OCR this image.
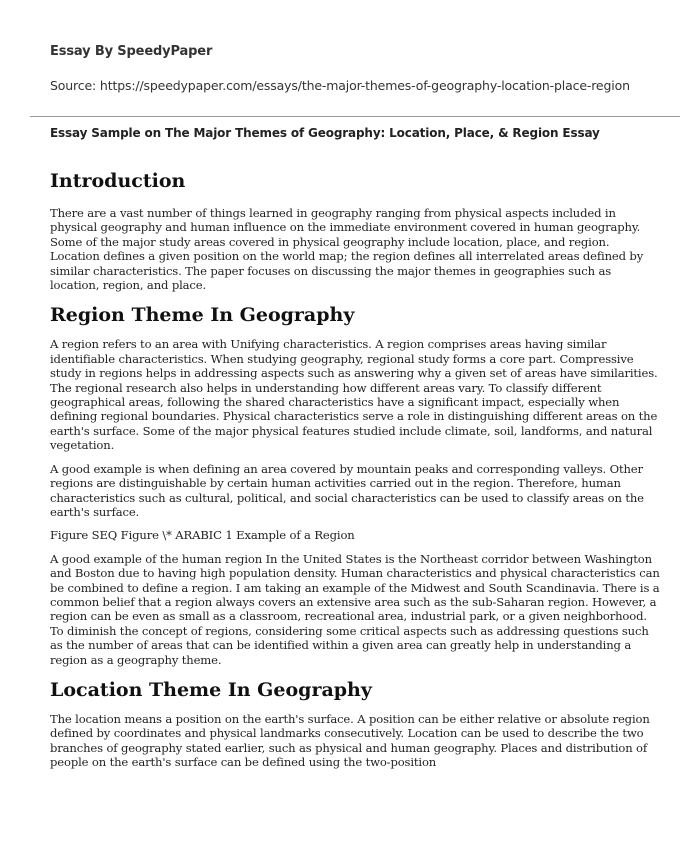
Essay By SpeedyPaper

Source: https://speedypaper.com/essays/the-major-themes-of-geography-location-place-region

Essay Sample on The Major Themes of Geography: Location, Place, & Region Essay

Introduction

There are a vast number of things learned in geography ranging from physical aspects included in physical geography and human influence on the immediate environment covered in human geography. Some of the major study areas covered in physical geography include location, place, and region. Location defines a given position on the world map; the region defines all interrelated areas defined by similar characteristics. The paper focuses on discussing the major themes in geographies such as location, region, and place.

Region Theme In Geography

A region refers to an area with Unifying characteristics. A region comprises areas having similar identifiable characteristics. When studying geography, regional study forms a core part. Compressive study in regions helps in addressing aspects such as answering why a given set of areas have similarities. The regional research also helps in understanding how different areas vary. To classify different geographical areas, following the shared characteristics have a significant impact, especially when defining regional boundaries. Physical characteristics serve a role in distinguishing different areas on the earth's surface. Some of the major physical features studied include climate, soil, landforms, and natural vegetation.

A good example is when defining an area covered by mountain peaks and corresponding valleys. Other regions are distinguishable by certain human activities carried out in the region. Therefore, human characteristics such as cultural, political, and social characteristics can be used to classify areas on the earth's surface.

Figure SEQ Figure \* ARABIC 1 Example of a Region

A good example of the human region In the United States is the Northeast corridor between Washington and Boston due to having high population density. Human characteristics and physical characteristics can be combined to define a region. I am taking an example of the Midwest and South Scandinavia. There is a common belief that a region always covers an extensive area such as the sub-Saharan region. However, a region can be even as small as a classroom, recreational area, industrial park, or a given neighborhood. To diminish the concept of regions, considering some critical aspects such as addressing questions such as the number of areas that can be identified within a given area can greatly help in understanding a region as a geography theme.

Location Theme In Geography

The location means a position on the earth's surface. A position can be either relative or absolute region defined by coordinates and physical landmarks consecutively. Location can be used to describe the two branches of geography stated earlier, such as physical and human geography. Places and distribution of people on the earth's surface can be defined using the two-position
